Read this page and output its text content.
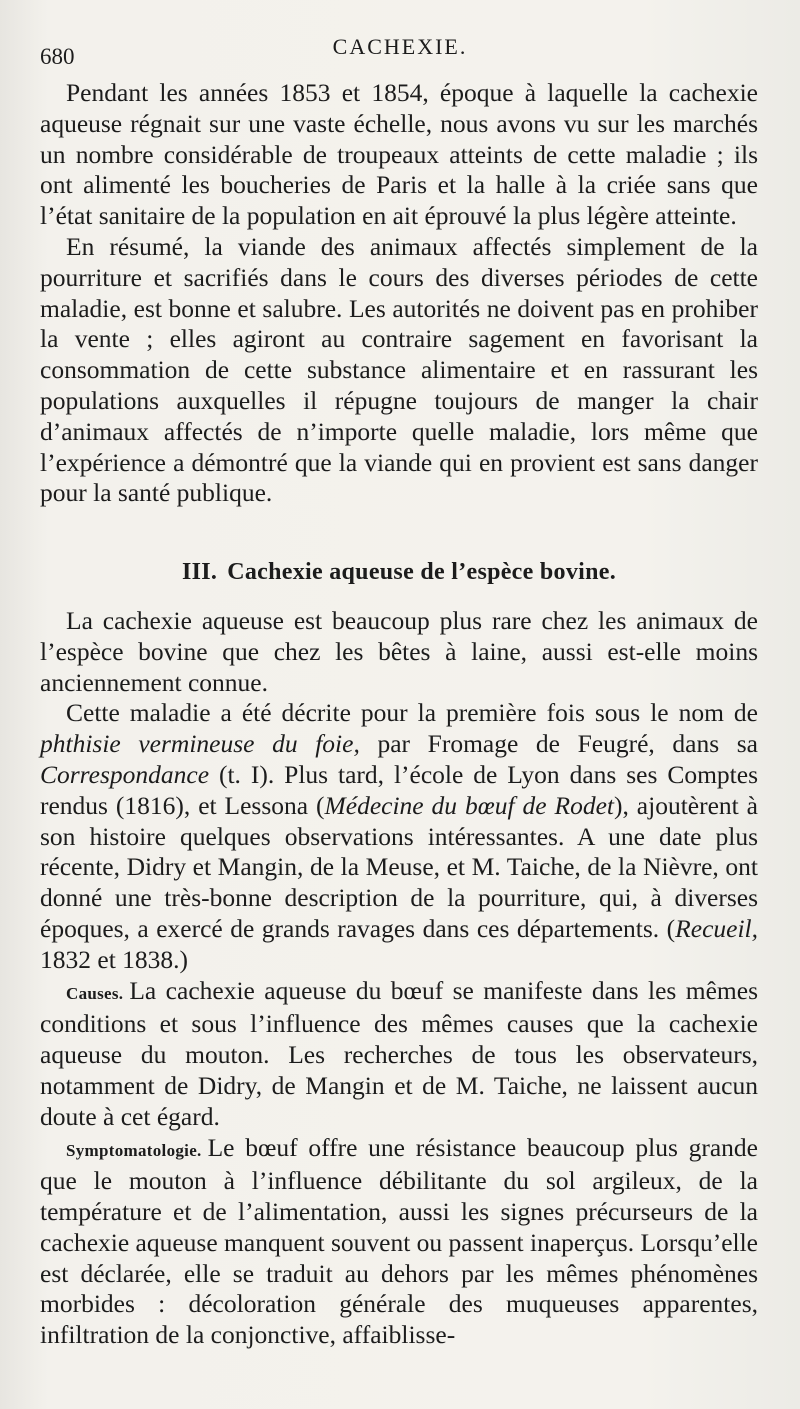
680	CACHEXIE.

Pendant les années 1853 et 1854, époque à laquelle la cachexie aqueuse régnait sur une vaste échelle, nous avons vu sur les marchés un nombre considérable de troupeaux atteints de cette maladie ; ils ont alimenté les boucheries de Paris et la halle à la criée sans que l’état sanitaire de la population en ait éprouvé la plus légère atteinte.

En résumé, la viande des animaux affectés simplement de la pourriture et sacrifiés dans le cours des diverses périodes de cette maladie, est bonne et salubre. Les autorités ne doivent pas en prohiber la vente ; elles agiront au contraire sagement en favorisant la consommation de cette substance alimentaire et en rassurant les populations auxquelles il répugne toujours de manger la chair d’animaux affectés de n’importe quelle maladie, lors même que l’expérience a démontré que la viande qui en provient est sans danger pour la santé publique.

III. Cachexie aqueuse de l’espèce bovine.

La cachexie aqueuse est beaucoup plus rare chez les animaux de l’espèce bovine que chez les bêtes à laine, aussi est-elle moins anciennement connue.

Cette maladie a été décrite pour la première fois sous le nom de phthisie vermineuse du foie, par Fromage de Feugré, dans sa Correspondance (t. I). Plus tard, l’école de Lyon dans ses Comptes rendus (1816), et Lessona (Médecine du bœuf de Rodet), ajoutèrent à son histoire quelques observations intéressantes. A une date plus récente, Didry et Mangin, de la Meuse, et M. Taiche, de la Nièvre, ont donné une très-bonne description de la pourriture, qui, à diverses époques, a exercé de grands ravages dans ces départements. (Recueil, 1832 et 1838.)

Causes. La cachexie aqueuse du bœuf se manifeste dans les mêmes conditions et sous l’influence des mêmes causes que la cachexie aqueuse du mouton. Les recherches de tous les observateurs, notamment de Didry, de Mangin et de M. Taiche, ne laissent aucun doute à cet égard.

Symptomatologie. Le bœuf offre une résistance beaucoup plus grande que le mouton à l’influence débilitante du sol argileux, de la température et de l’alimentation, aussi les signes précurseurs de la cachexie aqueuse manquent souvent ou passent inaperçus. Lorsqu’elle est déclarée, elle se traduit au dehors par les mêmes phénomènes morbides : décoloration générale des muqueuses apparentes, infiltration de la conjonctive, affaiblisse-
